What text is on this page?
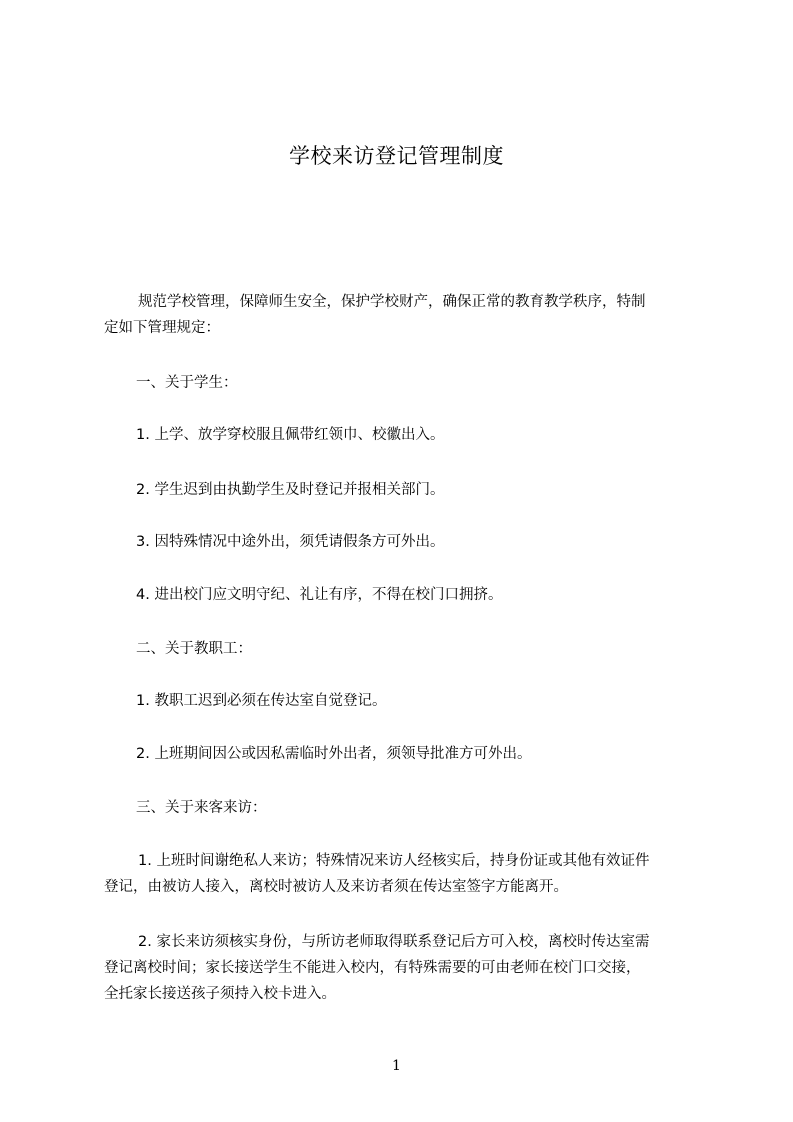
学校来访登记管理制度

规范学校管理，保障师生安全，保护学校财产，确保正常的教育教学秩序，特制

定如下管理规定：

一、关于学生：

1. 上学、放学穿校服且佩带红领巾、校徽出入。

2. 学生迟到由执勤学生及时登记并报相关部门。

3. 因特殊情况中途外出，须凭请假条方可外出。

4. 进出校门应文明守纪、礼让有序，不得在校门口拥挤。

二、关于教职工：

1. 教职工迟到必须在传达室自觉登记。

2. 上班期间因公或因私需临时外出者，须领导批准方可外出。

三、关于来客来访：

1. 上班时间谢绝私人来访；特殊情况来访人经核实后，持身份证或其他有效证件

登记，由被访人接入，离校时被访人及来访者须在传达室签字方能离开。

2. 家长来访须核实身份，与所访老师取得联系登记后方可入校，离校时传达室需

登记离校时间；家长接送学生不能进入校内，有特殊需要的可由老师在校门口交接，

全托家长接送孩子须持入校卡进入。

1
